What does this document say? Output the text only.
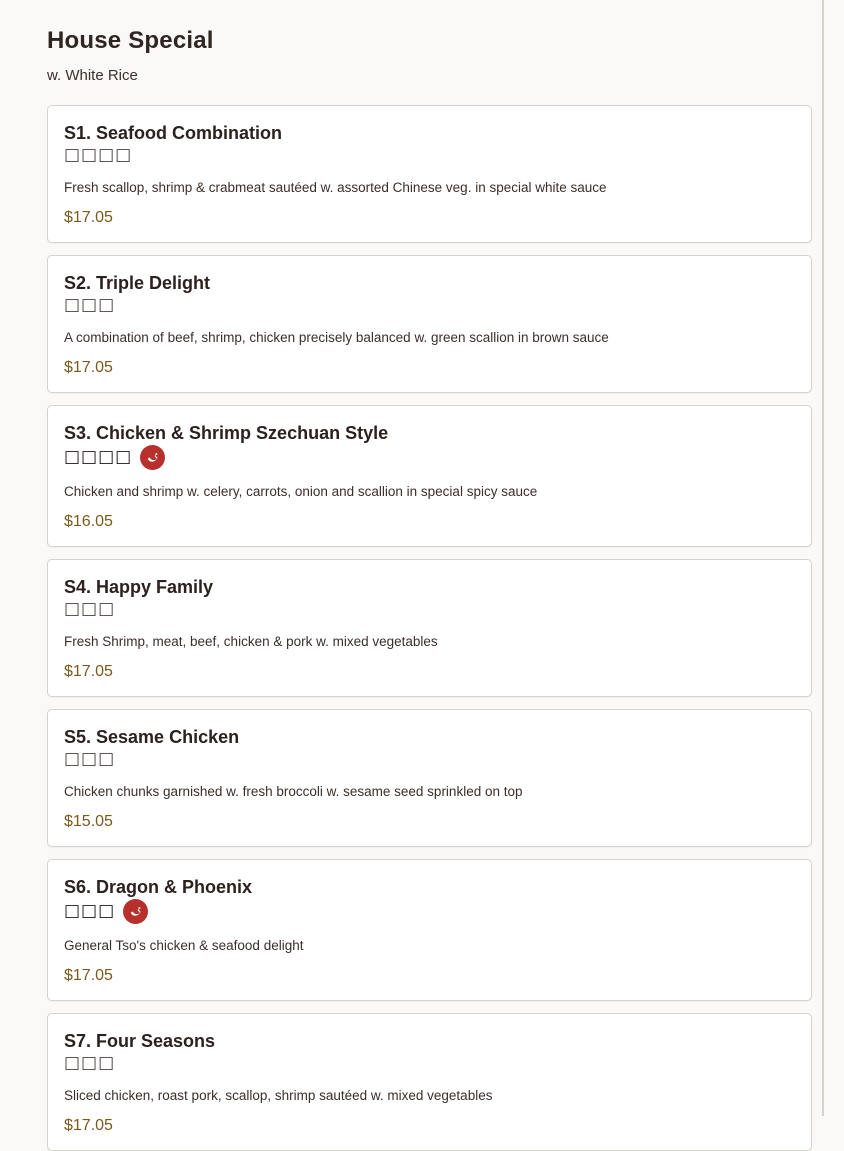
House Special
w. White Rice
S1. Seafood Combination
□□□□
Fresh scallop, shrimp & crabmeat sautéed w. assorted Chinese veg. in special white sauce
$17.05
S2. Triple Delight
□□□
A combination of beef, shrimp, chicken precisely balanced w. green scallion in brown sauce
$17.05
S3. Chicken & Shrimp Szechuan Style
□□□□
Chicken and shrimp w. celery, carrots, onion and scallion in special spicy sauce
$16.05
S4. Happy Family
□□□
Fresh Shrimp, meat, beef, chicken & pork w. mixed vegetables
$17.05
S5. Sesame Chicken
□□□
Chicken chunks garnished w. fresh broccoli w. sesame seed sprinkled on top
$15.05
S6. Dragon & Phoenix
□□□
General Tso's chicken & seafood delight
$17.05
S7. Four Seasons
□□□
Sliced chicken, roast pork, scallop, shrimp sautéed w. mixed vegetables
$17.05
